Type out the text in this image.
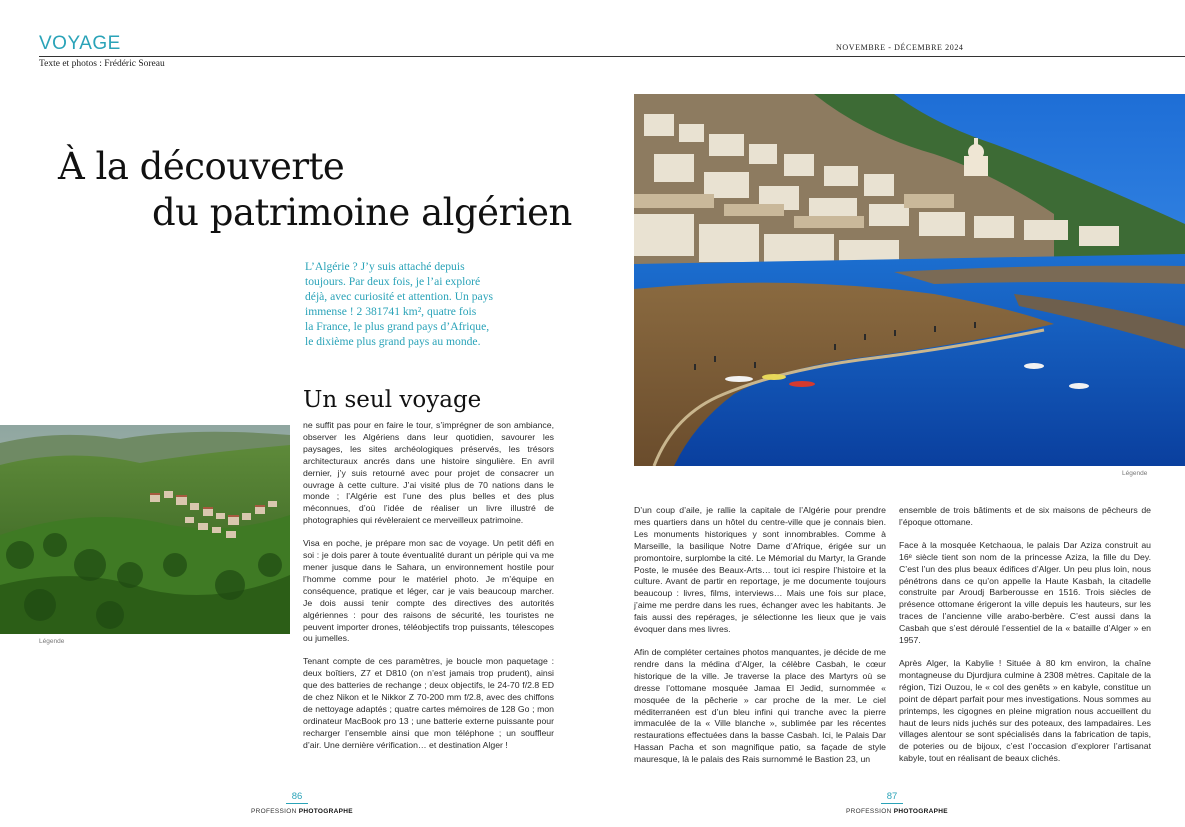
VOYAGE
Texte et photos : Frédéric Soreau
NOVEMBRE - DÉCEMBRE 2024
À la découverte
du patrimoine algérien

L’Algérie ? J’y suis attaché depuis

toujours. Par deux fois, je l’ai exploré

déjà, avec curiosité et attention. Un pays

immense ! 2 381741 km², quatre fois

la France, le plus grand pays d’Afrique,

le dixième plus grand pays au monde.

Un seul voyage
Légende
Légende

ne suffit pas pour en faire le tour, s’imprégner de son ambiance, observer les Algériens dans leur quotidien, savourer les paysages, les sites archéologiques préservés, les trésors architecturaux ancrés dans une histoire singulière. En avril dernier, j’y suis retourné avec pour projet de consacrer un ouvrage à cette culture. J’ai visité plus de 70 nations dans le monde ; l’Algérie est l’une des plus belles et des plus méconnues, d’où l’idée de réaliser un livre illustré de photographies qui révèleraient ce merveilleux patrimoine.

Visa en poche, je prépare mon sac de voyage. Un petit défi en soi : je dois parer à toute éventualité durant un périple qui va me mener jusque dans le Sahara, un environnement hostile pour l’homme comme pour le matériel photo. Je m’équipe en conséquence, pratique et léger, car je vais beaucoup marcher. Je dois aussi tenir compte des directives des autorités algériennes : pour des raisons de sécurité, les touristes ne peuvent importer drones, téléobjectifs trop puissants, télescopes ou jumelles.

Tenant compte de ces paramètres, je boucle mon paquetage : deux boîtiers, Z7 et D810 (on n’est jamais trop prudent), ainsi que des batteries de rechange ; deux objectifs, le 24-70 f/2.8 ED de chez Nikon et le Nikkor Z 70-200 mm f/2.8, avec des chiffons de nettoyage adaptés ; quatre cartes mémoires de 128 Go ; mon ordinateur MacBook pro 13 ; une batterie externe puissante pour recharger l’ensemble ainsi que mon téléphone ; un souffleur d’air. Une dernière vérification… et destination Alger !

D’un coup d’aile, je rallie la capitale de l’Algérie pour prendre mes quartiers dans un hôtel du centre-ville que je connais bien. Les monuments historiques y sont innombrables. Comme à Marseille, la basilique Notre Dame d’Afrique, érigée sur un promontoire, surplombe la cité. Le Mémorial du Martyr, la Grande Poste, le musée des Beaux-Arts… tout ici respire l’histoire et la culture. Avant de partir en reportage, je me documente toujours beaucoup : livres, films, interviews… Mais une fois sur place, j’aime me perdre dans les rues, échanger avec les habitants. Je fais aussi des repérages, je sélectionne les lieux que je vais évoquer dans mes livres.

Afin de compléter certaines photos manquantes, je décide de me rendre dans la médina d’Alger, la célèbre Casbah, le cœur historique de la ville. Je traverse la place des Martyrs où se dresse l’ottomane mosquée Jamaa El Jedid, surnommée « mosquée de la pêcherie » car proche de la mer. Le ciel méditerranéen est d’un bleu infini qui tranche avec la pierre immaculée de la « Ville blanche », sublimée par les récentes restaurations effectuées dans la basse Casbah. Ici, le Palais Dar Hassan Pacha et son magnifique patio, sa façade de style mauresque, là le palais des Rais surnommé le Bastion 23, un

ensemble de trois bâtiments et de six maisons de pêcheurs de l’époque ottomane.

Face à la mosquée Ketchaoua, le palais Dar Aziza construit au 16ᵉ siècle tient son nom de la princesse Aziza, la fille du Dey. C’est l’un des plus beaux édifices d’Alger. Un peu plus loin, nous pénétrons dans ce qu’on appelle la Haute Kasbah, la citadelle construite par Aroudj Barberousse en 1516. Trois siècles de présence ottomane érigeront la ville depuis les hauteurs, sur les traces de l’ancienne ville arabo-berbère. C’est aussi dans la Casbah que s’est déroulé l’essentiel de la « bataille d’Alger » en 1957.

Après Alger, la Kabylie ! Située à 80 km environ, la chaîne montagneuse du Djurdjura culmine à 2308 mètres. Capitale de la région, Tizi Ouzou, le « col des genêts » en kabyle, constitue un point de départ parfait pour mes investigations. Nous sommes au printemps, les cigognes en pleine migration nous accueillent du haut de leurs nids juchés sur des poteaux, des lampadaires. Les villages alentour se sont spécialisés dans la fabrication de tapis, de poteries ou de bijoux, c’est l’occasion d’explorer l’artisanat kabyle, tout en réalisant de beaux clichés.

86
PROFESSION PHOTOGRAPHE
87
PROFESSION PHOTOGRAPHE
